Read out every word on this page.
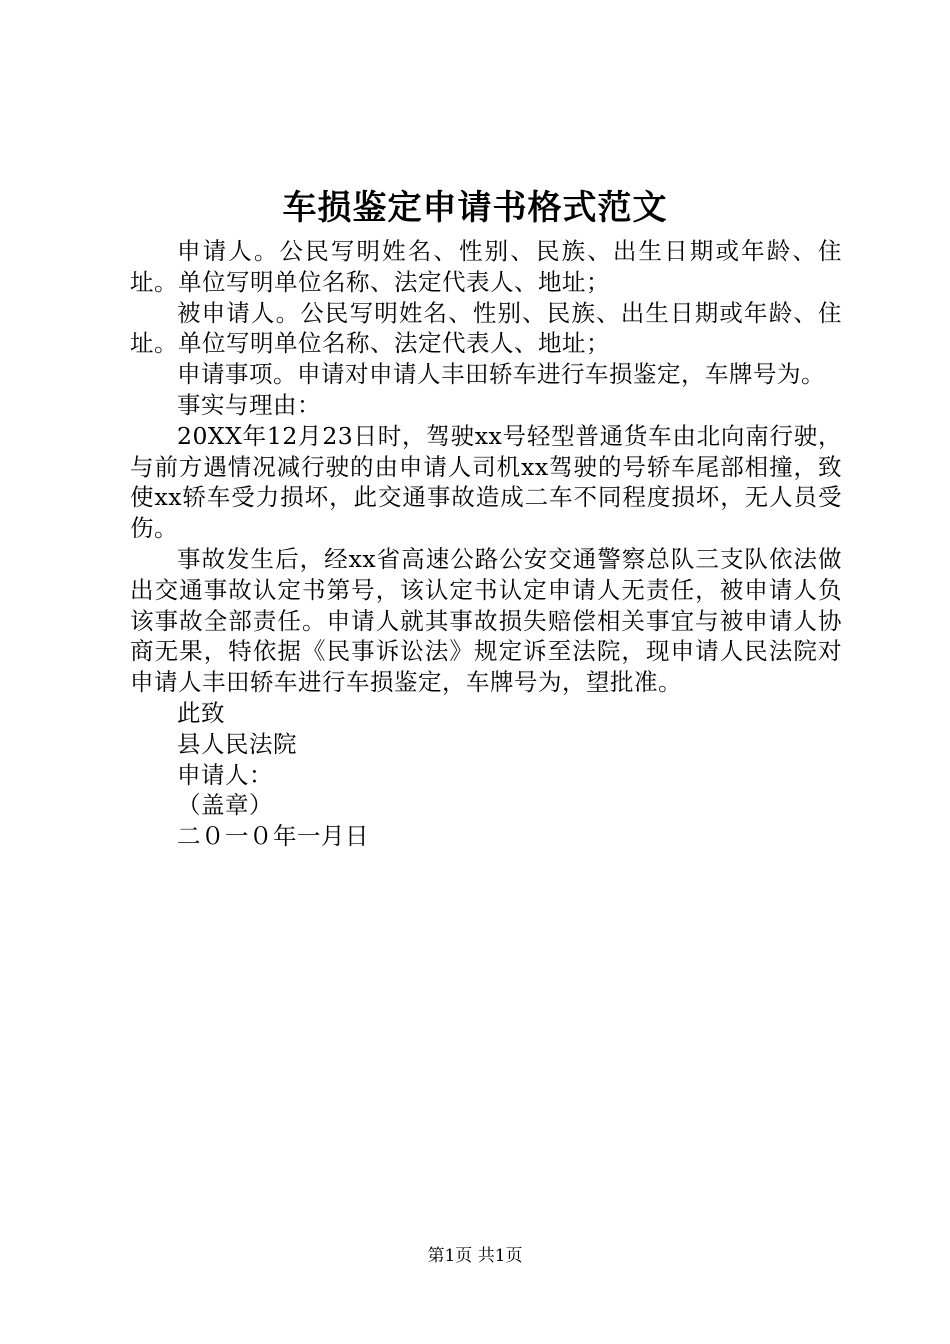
车损鉴定申请书格式范文

申请人。公民写明姓名、性别、民族、出生日期或年龄、住址。单位写明单位名称、法定代表人、地址；

被申请人。公民写明姓名、性别、民族、出生日期或年龄、住址。单位写明单位名称、法定代表人、地址；

申请事项。申请对申请人丰田轿车进行车损鉴定，车牌号为。

事实与理由：

20XX年12月23日时，驾驶xx号轻型普通货车由北向南行驶，与前方遇情况减行驶的由申请人司机xx驾驶的号轿车尾部相撞，致使xx轿车受力损坏，此交通事故造成二车不同程度损坏，无人员受伤。

事故发生后，经xx省高速公路公安交通警察总队三支队依法做出交通事故认定书第号，该认定书认定申请人无责任，被申请人负该事故全部责任。申请人就其事故损失赔偿相关事宜与被申请人协商无果，特依据《民事诉讼法》规定诉至法院，现申请人民法院对申请人丰田轿车进行车损鉴定，车牌号为，望批准。

此致

县人民法院

申请人：

（盖章）

二０一０年一月日

第1页 共1页
